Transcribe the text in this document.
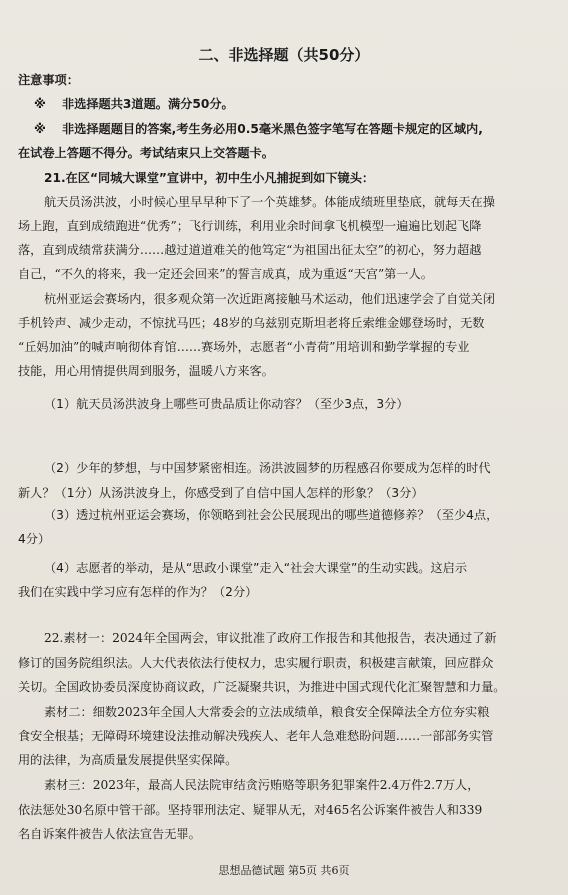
二、非选择题（共50分）
注意事项：
※ 非选择题共3道题。满分50分。
※ 非选择题题目的答案,考生务必用0.5毫米黑色签字笔写在答题卡规定的区域内,
在试卷上答题不得分。考试结束只上交答题卡。
21.在区“同城大课堂”宣讲中，初中生小凡捕捉到如下镜头：
航天员汤洪波，小时候心里早早种下了一个英雄梦。体能成绩班里垫底，就每天在操
场上跑，直到成绩跑进“优秀”；飞行训练，利用业余时间拿飞机模型一遍遍比划起飞降
落，直到成绩常获满分……越过道道难关的他笃定“为祖国出征太空”的初心，努力超越
自己，“不久的将来，我一定还会回来”的誓言成真，成为重返“天宫”第一人。
杭州亚运会赛场内，很多观众第一次近距离接触马术运动，他们迅速学会了自觉关闭
手机铃声、减少走动，不惊扰马匹；48岁的乌兹别克斯坦老将丘索维金娜登场时，无数
“丘妈加油”的喊声响彻体育馆……赛场外，志愿者“小青荷”用培训和勤学掌握的专业
技能，用心用情提供周到服务，温暖八方来客。
（1）航天员汤洪波身上哪些可贵品质让你动容？（至少3点，3分）
（2）少年的梦想，与中国梦紧密相连。汤洪波圆梦的历程感召你要成为怎样的时代
新人？（1分）从汤洪波身上，你感受到了自信中国人怎样的形象？（3分）
（3）透过杭州亚运会赛场，你领略到社会公民展现出的哪些道德修养？（至少4点，
4分）
（4）志愿者的举动，是从“思政小课堂”走入“社会大课堂”的生动实践。这启示
我们在实践中学习应有怎样的作为？（2分）
22.素材一：2024年全国两会，审议批准了政府工作报告和其他报告，表决通过了新
修订的国务院组织法。人大代表依法行使权力，忠实履行职责，积极建言献策，回应群众
关切。全国政协委员深度协商议政，广泛凝聚共识，为推进中国式现代化汇聚智慧和力量。
素材二：细数2023年全国人大常委会的立法成绩单，粮食安全保障法全方位夯实粮
食安全根基；无障碍环境建设法推动解决残疾人、老年人急难愁盼问题……一部部务实管
用的法律，为高质量发展提供坚实保障。
素材三：2023年，最高人民法院审结贪污贿赂等职务犯罪案件2.4万件2.7万人，
依法惩处30名原中管干部。坚持罪刑法定、疑罪从无，对465名公诉案件被告人和339
名自诉案件被告人依法宣告无罪。
思想品德试题 第5页 共6页
